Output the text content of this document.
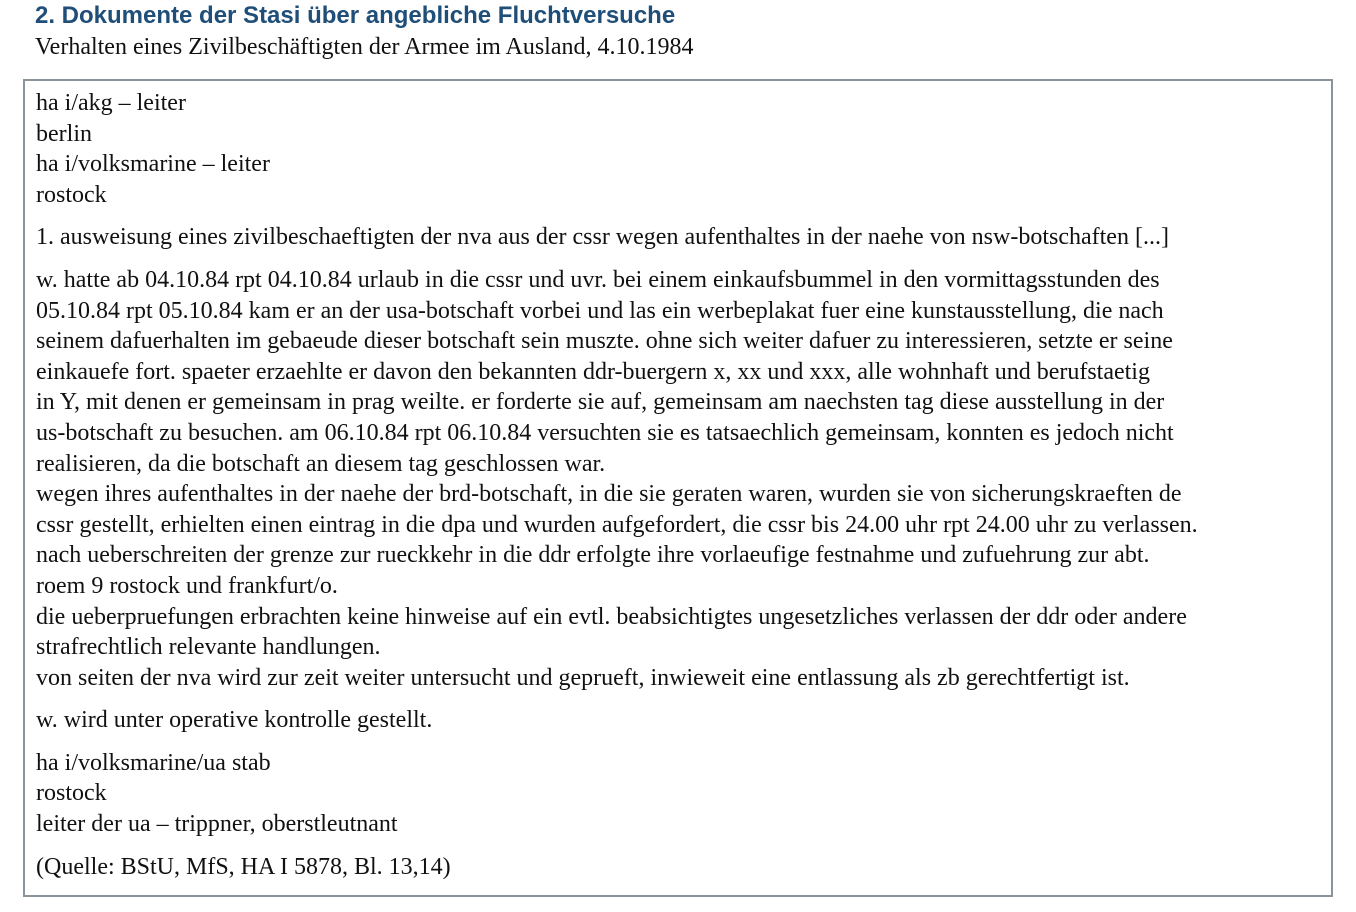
2. Dokumente der Stasi über angebliche Fluchtversuche
Verhalten eines Zivilbeschäftigten der Armee im Ausland, 4.10.1984
ha i/akg – leiter
berlin
ha i/volksmarine – leiter
rostock
1. ausweisung eines zivilbeschaeftigten der nva aus der cssr wegen aufenthaltes in der naehe von nsw-botschaften [...]
w. hatte ab 04.10.84 rpt 04.10.84 urlaub in die cssr und uvr. bei einem einkaufsbummel in den vormittagsstunden des
05.10.84 rpt 05.10.84 kam er an der usa-botschaft vorbei und las ein werbeplakat fuer eine kunstausstellung, die nach
seinem dafuerhalten im gebaeude dieser botschaft sein muszte. ohne sich weiter dafuer zu interessieren, setzte er seine
einkauefe fort. spaeter erzaehlte er davon den bekannten ddr-buergern x, xx und xxx, alle wohnhaft und berufstaetig
in Y, mit denen er gemeinsam in prag weilte. er forderte sie auf, gemeinsam am naechsten tag diese ausstellung in der
us-botschaft zu besuchen. am 06.10.84 rpt 06.10.84 versuchten sie es tatsaechlich gemeinsam, konnten es jedoch nicht
realisieren, da die botschaft an diesem tag geschlossen war.
wegen ihres aufenthaltes in der naehe der brd-botschaft, in die sie geraten waren, wurden sie von sicherungskraeften de
cssr gestellt, erhielten einen eintrag in die dpa und wurden aufgefordert, die cssr bis 24.00 uhr rpt 24.00 uhr zu verlassen.
nach ueberschreiten der grenze zur rueckkehr in die ddr erfolgte ihre vorlaeufige festnahme und zufuehrung zur abt.
roem 9 rostock und frankfurt/o.
die ueberpruefungen erbrachten keine hinweise auf ein evtl. beabsichtigtes ungesetzliches verlassen der ddr oder andere
strafrechtlich relevante handlungen.
von seiten der nva wird zur zeit weiter untersucht und geprueft, inwieweit eine entlassung als zb gerechtfertigt ist.
w. wird unter operative kontrolle gestellt.
ha i/volksmarine/ua stab
rostock
leiter der ua – trippner, oberstleutnant
(Quelle: BStU, MfS, HA I 5878, Bl. 13,14)
